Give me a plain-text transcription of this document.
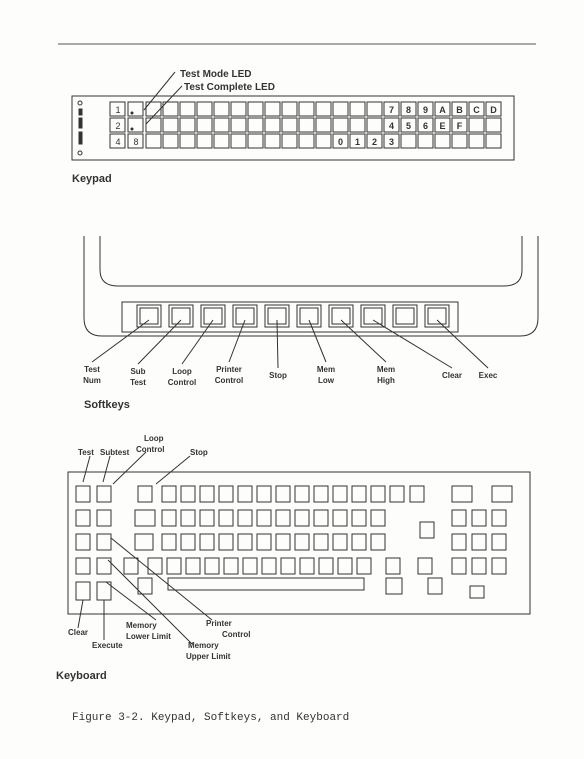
1
2
4 8
7 8 9 A B C D
4 5 6 E F
0 1 2 3
Test Mode LED
Test Complete LED
Keypad
Test
Num
Sub
Test
Loop
Control
Printer
Control
Stop
Mem
Low
Mem
High
Clear Exec
Softkeys
Test Subtest
Loop
Control	Stop
Clear
Execute
Memory
Lower Limit
Memory
Upper Limit
Printer
Control
Keyboard
Figure 3-2. Keypad, Softkeys, and Keyboard
